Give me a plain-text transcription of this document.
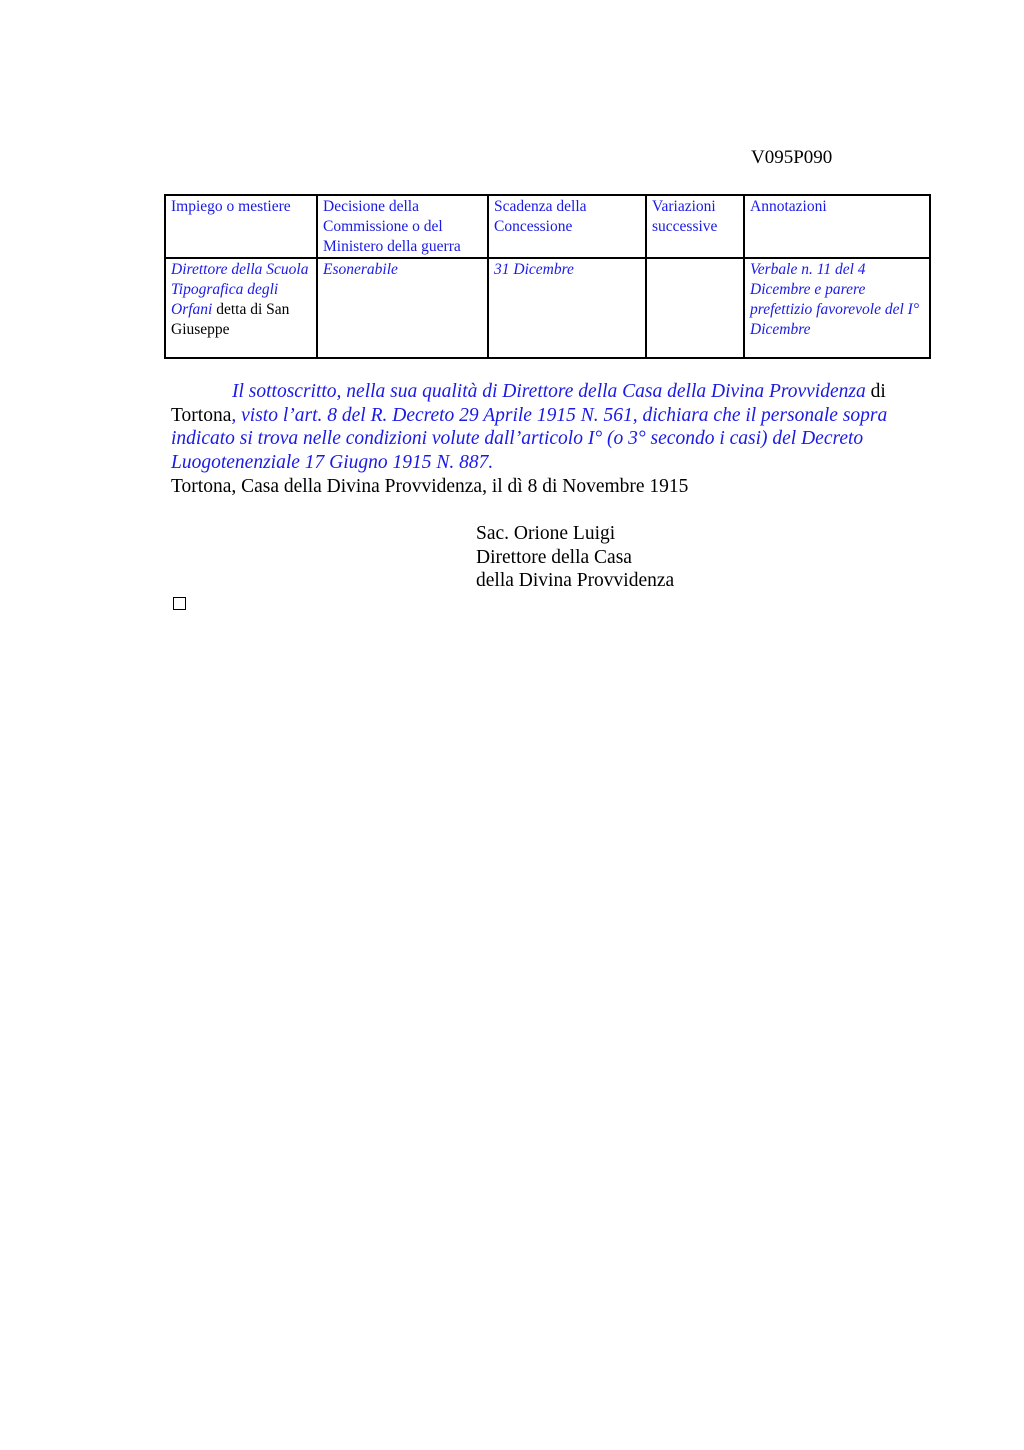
V095P090
Impiego o mestiere	Decisione della Commissione o del Ministero della guerra	Scadenza della Concessione	Variazioni successive	Annotazioni
Direttore della Scuola Tipografica degli Orfani detta di San Giuseppe	Esonerabile	31 Dicembre		Verbale n. 11 del 4 Dicembre e parere prefettizio favorevole del I° Dicembre
Il sottoscritto, nella sua qualità di Direttore della Casa della Divina Provvidenza di Tortona, visto l’art. 8 del R. Decreto 29 Aprile 1915 N. 561, dichiara che il personale sopra indicato si trova nelle condizioni volute dall’articolo I° (o 3° secondo i casi) del Decreto Luogotenenziale 17 Giugno 1915 N. 887.
Tortona, Casa della Divina Provvidenza, il dì 8 di Novembre 1915
Sac. Orione Luigi
Direttore della Casa
della Divina Provvidenza
